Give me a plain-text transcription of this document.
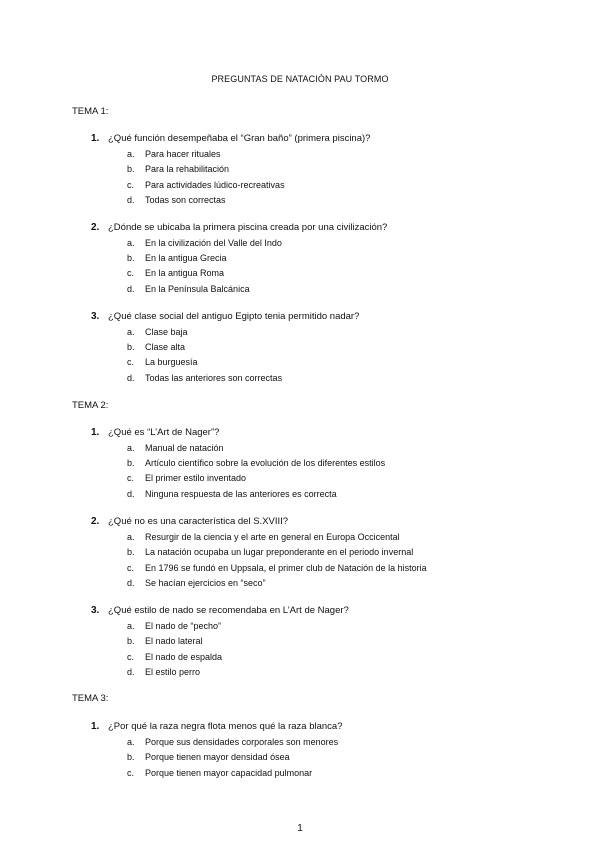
PREGUNTAS DE NATACIÓN PAU TORMO
TEMA 1:
1. ¿Qué función desempeñaba el “Gran baño” (primera piscina)?
a. Para hacer rituales
b. Para la rehabilitación
c. Para actividades lúdico-recreativas
d. Todas son correctas
2. ¿Dónde se ubicaba la primera piscina creada por una civilización?
a. En la civilización del Valle del Indo
b. En la antigua Grecia
c. En la antigua Roma
d. En la Península Balcánica
3. ¿Qué clase social del antiguo Egipto tenia permitido nadar?
a. Clase baja
b. Clase alta
c. La burguesía
d. Todas las anteriores son correctas
TEMA 2:
1. ¿Qué es “L’Art de Nager”?
a. Manual de natación
b. Artículo científico sobre la evolución de los diferentes estilos
c. El primer estilo inventado
d. Ninguna respuesta de las anteriores es correcta
2. ¿Qué no es una característica del S.XVIII?
a. Resurgir de la ciencia y el arte en general en Europa Occicental
b. La natación ocupaba un lugar preponderante en el periodo invernal
c. En 1796 se fundó en Uppsala, el primer club de Natación de la historia
d. Se hacían ejercicios en “seco”
3. ¿Qué estilo de nado se recomendaba en L’Art de Nager?
a. El nado de “pecho”
b. El nado lateral
c. El nado de espalda
d. El estilo perro
TEMA 3:
1. ¿Por qué la raza negra flota menos qué la raza blanca?
a. Porque sus densidades corporales son menores
b. Porque tienen mayor densidad ósea
c. Porque tienen mayor capacidad pulmonar
1
